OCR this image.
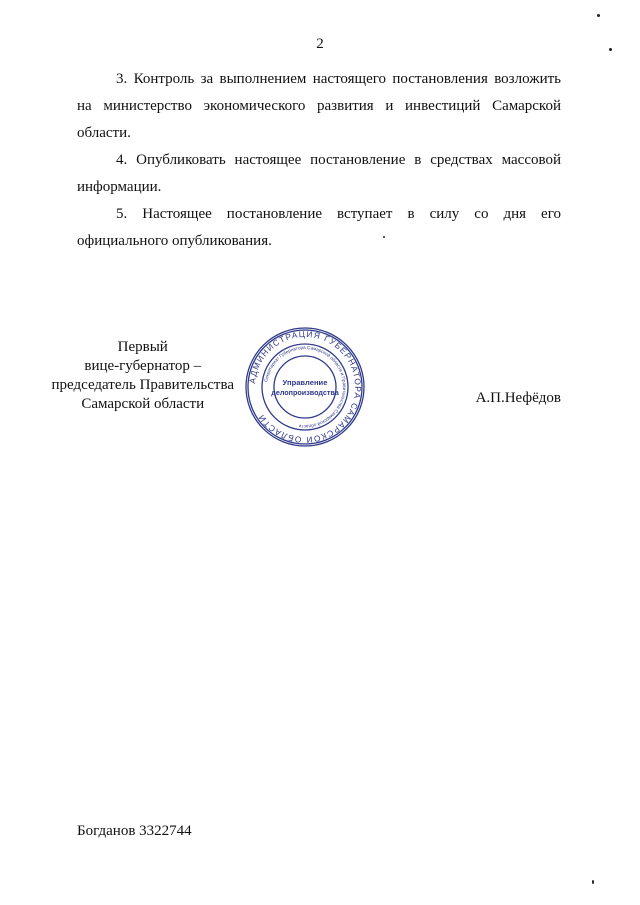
2

3. Контроль за выполнением настоящего постановления возложить на министерство экономического развития и инвестиций Самарской области.

4. Опубликовать настоящее постановление в средствах массовой информации.

5. Настоящее постановление вступает в силу со дня его официального опубликования.

Первый
вице-губернатор –
председатель Правительства
Самарской области
АДМИНИСТРАЦИЯ ГУБЕРНАТОРА САМАРСКОЙ ОБЛАСТИ
Секретариат Губернатора Самарской области и Правительства Самарской области
Управление
делопроизводства	А.П.Нефёдов
Богданов 3322744
